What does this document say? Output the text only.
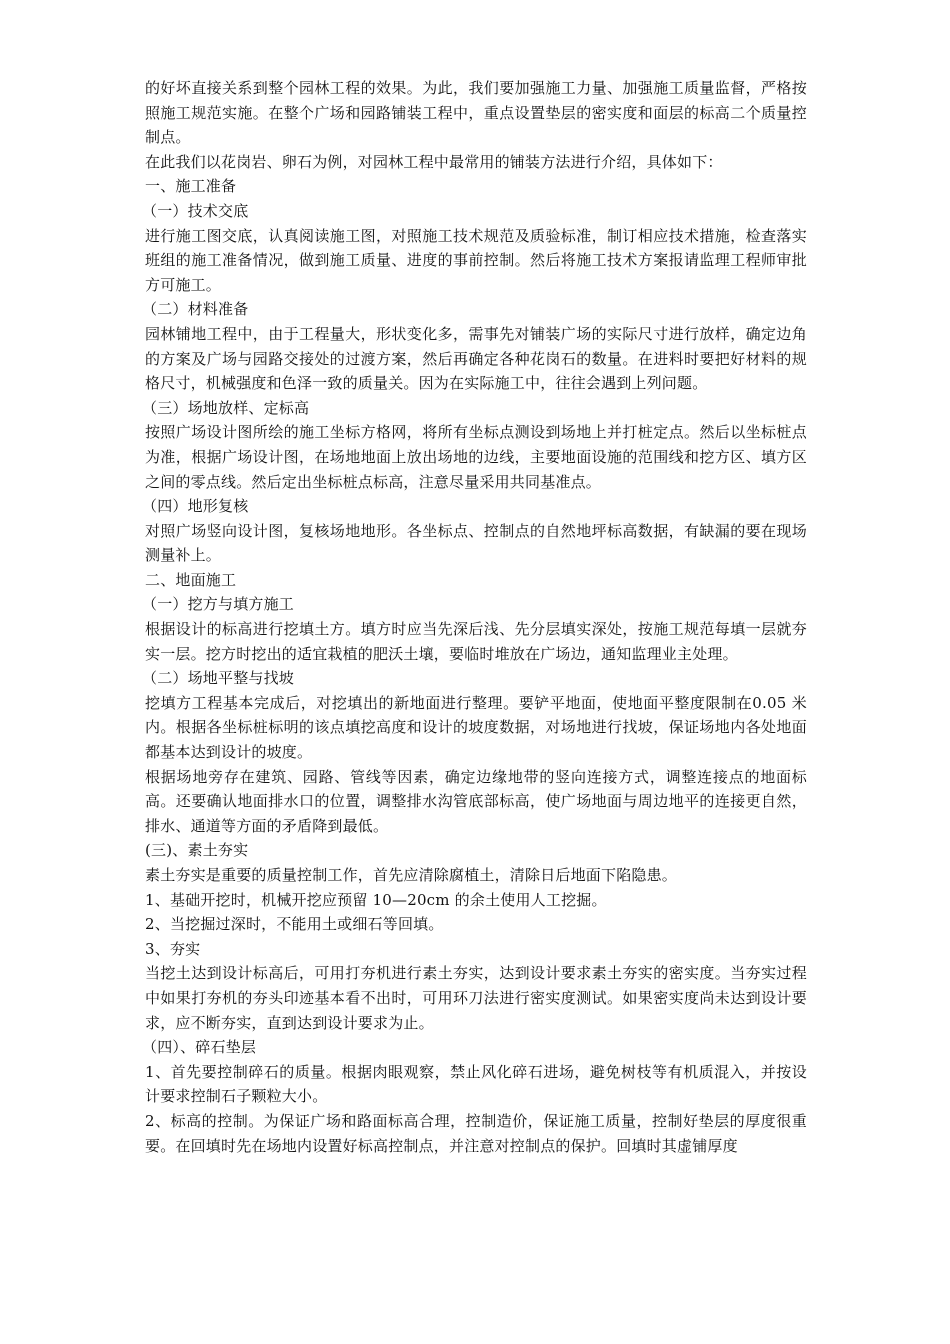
的好坏直接关系到整个园林工程的效果。为此，我们要加强施工力量、加强施工质量监督，严格按照施工规范实施。在整个广场和园路铺装工程中，重点设置垫层的密实度和面层的标高二个质量控制点。

在此我们以花岗岩、卵石为例，对园林工程中最常用的铺装方法进行介绍，具体如下：

一、施工准备

（一）技术交底

进行施工图交底，认真阅读施工图，对照施工技术规范及质验标准，制订相应技术措施，检查落实班组的施工准备情况，做到施工质量、进度的事前控制。然后将施工技术方案报请监理工程师审批方可施工。

（二）材料准备

园林铺地工程中，由于工程量大，形状变化多，需事先对铺装广场的实际尺寸进行放样，确定边角的方案及广场与园路交接处的过渡方案，然后再确定各种花岗石的数量。在进料时要把好材料的规格尺寸，机械强度和色泽一致的质量关。因为在实际施工中，往往会遇到上列问题。

（三）场地放样、定标高

按照广场设计图所绘的施工坐标方格网，将所有坐标点测设到场地上并打桩定点。然后以坐标桩点为准，根据广场设计图，在场地地面上放出场地的边线，主要地面设施的范围线和挖方区、填方区之间的零点线。然后定出坐标桩点标高，注意尽量采用共同基准点。

（四）地形复核

对照广场竖向设计图，复核场地地形。各坐标点、控制点的自然地坪标高数据，有缺漏的要在现场测量补上。

二、地面施工

（一）挖方与填方施工

根据设计的标高进行挖填土方。填方时应当先深后浅、先分层填实深处，按施工规范每填一层就夯实一层。挖方时挖出的适宜栽植的肥沃土壤，要临时堆放在广场边，通知监理业主处理。

（二）场地平整与找坡

挖填方工程基本完成后，对挖填出的新地面进行整理。要铲平地面，使地面平整度限制在0.05 米内。根据各坐标桩标明的该点填挖高度和设计的坡度数据，对场地进行找坡，保证场地内各处地面都基本达到设计的坡度。

根据场地旁存在建筑、园路、管线等因素，确定边缘地带的竖向连接方式，调整连接点的地面标高。还要确认地面排水口的位置，调整排水沟管底部标高，使广场地面与周边地平的连接更自然，排水、通道等方面的矛盾降到最低。

(三)、素土夯实

素土夯实是重要的质量控制工作，首先应清除腐植土，清除日后地面下陷隐患。

1、基础开挖时，机械开挖应预留 10—20cm 的余土使用人工挖掘。

2、当挖掘过深时，不能用土或细石等回填。

3、夯实

当挖土达到设计标高后，可用打夯机进行素土夯实，达到设计要求素土夯实的密实度。当夯实过程中如果打夯机的夯头印迹基本看不出时，可用环刀法进行密实度测试。如果密实度尚未达到设计要求，应不断夯实，直到达到设计要求为止。

（四）、碎石垫层

1、首先要控制碎石的质量。根据肉眼观察，禁止风化碎石进场，避免树枝等有机质混入，并按设计要求控制石子颗粒大小。

2、标高的控制。为保证广场和路面标高合理，控制造价，保证施工质量，控制好垫层的厚度很重要。在回填时先在场地内设置好标高控制点，并注意对控制点的保护。回填时其虚铺厚度
